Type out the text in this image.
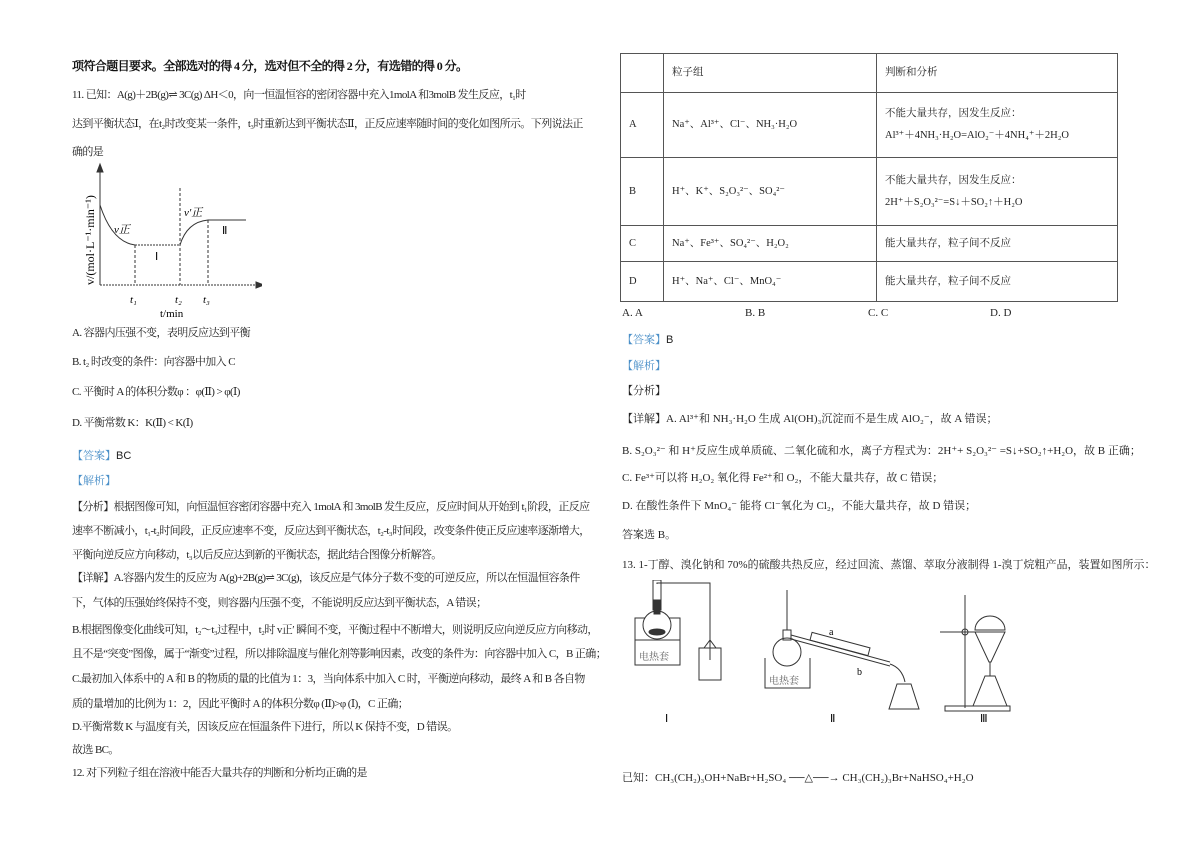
项符合题目要求。全部选对的得 4 分，选对但不全的得 2 分，有选错的得 0 分。
11. 已知：A(g)＋2B(g)⇌ 3C(g) ΔH＜0，向一恒温恒容的密闭容器中充入1molA 和3molB 发生反应，t₁时
达到平衡状态Ⅰ，在t₂时改变某一条件，t₃时重新达到平衡状态Ⅱ，正反应速率随时间的变化如图所示。下列说法正
确的是
v/(mol·L⁻¹·min⁻¹)
t₁	t₂ t₃
t/min
v正
v′正
Ⅰ
Ⅱ
A. 容器内压强不变，表明反应达到平衡
B. t₂ 时改变的条件：向容器中加入 C
C. 平衡时 A 的体积分数φ ：φ(Ⅱ) > φ(Ⅰ)
D. 平衡常数 K：K(Ⅱ) < K(Ⅰ)
【答案】BC
【解析】
【分析】根据图像可知，向恒温恒容密闭容器中充入 1molA 和 3molB 发生反应，反应时间从开始到 t₁阶段，正反应
速率不断减小，t₁-t₂时间段，正反应速率不变，反应达到平衡状态，t₂-t₃时间段，改变条件使正反应速率逐渐增大，
平衡向逆反应方向移动，t₃以后反应达到新的平衡状态，据此结合图像分析解答。
【详解】A.容器内发生的反应为 A(g)+2B(g)⇌ 3C(g)，该反应是气体分子数不变的可逆反应，所以在恒温恒容条件
下，气体的压强始终保持不变，则容器内压强不变，不能说明反应达到平衡状态，A 错误；
B.根据图像变化曲线可知，t₂～t₃过程中，t₂时 v正′ 瞬间不变，平衡过程中不断增大，则说明反应向逆反应方向移动，
且不是“突变”图像，属于“渐变”过程，所以排除温度与催化剂等影响因素，改变的条件为：向容器中加入 C，B 正确；
C.最初加入体系中的 A 和 B 的物质的量的比值为 1：3，当向体系中加入 C 时，平衡逆向移动，最终 A 和 B 各自物
质的量增加的比例为 1：2，因此平衡时 A 的体积分数φ (Ⅱ)>φ (Ⅰ)，C 正确；
D.平衡常数 K 与温度有关，因该反应在恒温条件下进行，所以 K 保持不变，D 错误。
故选 BC。
12. 对下列粒子组在溶液中能否大量共存的判断和分析均正确的是
	粒子组	判断和分析
A	Na⁺、Al³⁺、Cl⁻、NH₃·H₂O	不能大量共存，因发生反应：
Al³⁺＋4NH₃·H₂O=AlO₂⁻＋4NH₄⁺＋2H₂O

B	H⁺、K⁺、S₂O₃²⁻、SO₄²⁻	不能大量共存，因发生反应：
2H⁺＋S₂O₃²⁻=S↓＋SO₂↑＋H₂O

C	Na⁺、Fe³⁺、SO₄²⁻、H₂O₂	能大量共存，粒子间不反应
D	H⁺、Na⁺、Cl⁻、MnO₄⁻	能大量共存，粒子间不反应
A. A	B. B	C. C	D. D
【答案】B
【解析】
【分析】
【详解】A. Al³⁺和 NH₃·H₂O 生成 Al(OH)₃沉淀而不是生成 AlO₂⁻，故 A 错误；
B. S₂O₃²⁻ 和 H⁺反应生成单质硫、二氧化硫和水，离子方程式为：2H⁺+ S₂O₃²⁻ =S↓+SO₂↑+H₂O，故 B 正确；
C. Fe³⁺可以将 H₂O₂ 氧化得 Fe²⁺和 O₂，不能大量共存，故 C 错误；
D. 在酸性条件下 MnO₄⁻ 能将 Cl⁻氧化为 Cl₂，不能大量共存，故 D 错误；
答案选 B。
13. 1-丁醇、溴化钠和 70%的硫酸共热反应，经过回流、蒸馏、萃取分液制得 1-溴丁烷粗产品，装置如图所示：
电热套
电热套
a
b
Ⅰ	Ⅱ	Ⅲ
已知：CH₃(CH₂)₃OH+NaBr+H₂SO₄ ──△──→ CH₃(CH₂)₃Br+NaHSO₄+H₂O
